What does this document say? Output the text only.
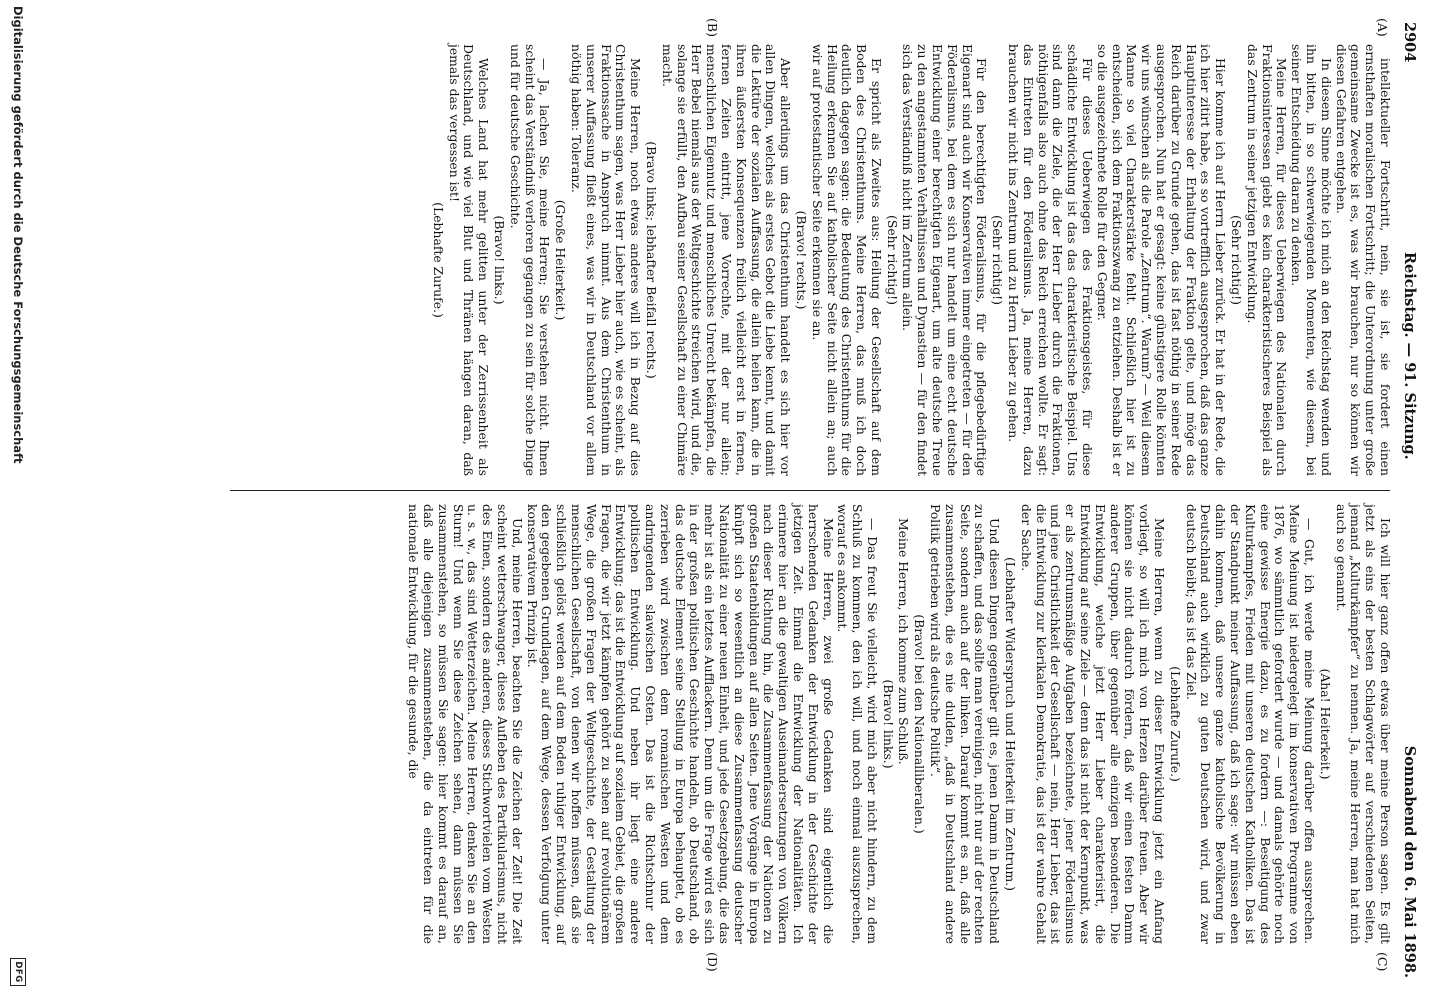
2904
Reichstag. — 91. Sitzung.
Sonnabend den 6. Mai 1898.
(A)
(B)
(C)
(D)

intellektueller Fortschritt, nein, sie ist, sie fordert einen ernsthaften moralischen Fortschritt; die Unterordnung unter große gemeinsame Zwecke ist es, was wir brauchen, nur so können wir diesen Gefahren entgehen.

In diesem Sinne möchte ich mich an den Reichstag wenden und ihn bitten, in so schwerwiegenden Momenten, wie diesem, bei seiner Entscheidung daran zu denken.

Meine Herren, für dieses Ueberwiegen des Nationalen durch Fraktionsinteressen giebt es kein charakteristischeres Beispiel als das Zentrum in seiner jetzigen Entwicklung.

(Sehr richtig!)

Hier komme ich auf Herrn Lieber zurück. Er hat in der Rede, die ich hier zitirt habe, es so vortrefflich ausgesprochen, daß das ganze Hauptinteresse der Erhaltung der Fraktion gelte, und möge das Reich darüber zu Grunde gehen, das ist fast nöthig in seiner Rede ausgesprochen. Nun hat er gesagt: keine günstigere Rolle könnten wir uns wünschen als die Parole „Zentrum“. Warum? — Weil diesem Manne so viel Charakterstärke fehlt. Schließlich hier ist zu entscheiden, sich dem Fraktionszwang zu entziehen. Deshalb ist er so die ausgezeichnete Rolle für den Gegner.

Für dieses Ueberwiegen des Fraktionsgeistes, für diese schädliche Entwicklung ist das das charakteristische Beispiel. Uns sind dann die Ziele, die der Herr Lieber durch die Fraktionen, nöthigenfalls also auch ohne das Reich erreichen wollte. Er sagt: das Eintreten für den Föderalismus. Ja, meine Herren, dazu brauchen wir nicht ins Zentrum und zu Herrn Lieber zu gehen.

(Sehr richtig!)

Für den berechtigten Föderalismus, für die pflegebedürftige Eigenart sind auch wir Konservativen immer eingetreten — für den Föderalismus, bei dem es sich nur handelt um eine echt deutsche Entwicklung einer berechtigten Eigenart, um alte deutsche Treue zu den angestammten Verhältnissen und Dynastien — für den findet sich das Verständniß nicht im Zentrum allein.

(Sehr richtig!)

Er spricht als Zweites aus: Heilung der Gesellschaft auf dem Boden des Christenthums. Meine Herren, das muß ich doch deutlich dagegen sagen: die Bedeutung des Christenthums für die Heilung erkennen Sie auf katholischer Seite nicht allein an; auch wir auf protestantischer Seite erkennen sie an.

(Bravo! rechts.)

Aber allerdings um das Christenthum handelt es sich hier vor allen Dingen, welches als erstes Gebot die Liebe kennt, und damit die Lektüre der sozialen Auffassung, die allein heilen kann, die in ihren äußersten Konsequenzen freilich vielleicht erst in fernen, fernen Zeiten eintritt, jene Vorrechte, mit der nur allein; menschlichen Eigennutz und menschliches Unrecht bekämpfen, die Herr Bebel niemals aus der Weltgeschichte streichen wird, und die, solange sie erfüllt, den Aufbau seiner Gesellschaft zu einer Chimäre macht.

(Bravo links; lebhafter Beifall rechts.)

Meine Herren, noch etwas anderes will ich in Bezug auf dies Christenthum sagen, was Herr Lieber hier auch, wie es scheint, als Fraktionssache in Anspruch nimmt. Aus dem Christenthum in unserer Auffassung fließt eines, was wir in Deutschland vor allem nöthig haben: Toleranz.

(Große Heiterkeit.)

— Ja, lachen Sie, meine Herren; Sie verstehen nicht. Ihnen scheint das Verständniß verloren gegangen zu sein für solche Dinge und für deutsche Geschichte.

(Bravo! links.)

Welches Land hat mehr gelitten unter der Zerrissenheit als Deutschland, und wie viel Blut und Thränen hängen daran, daß jemals das vergessen ist!

(Lebhafte Zurufe.)

Ich will hier ganz offen etwas über meine Person sagen. Es gilt jetzt als eins der besten Schlagwörter auf verschiedenen Seiten, jemand „Kulturkämpfer“ zu nennen. Ja, meine Herren, man hat mich auch so genannt.

(Aha! Heiterkeit.)

— Gut, ich werde meine Meinung darüber offen aussprechen. Meine Meinung ist niedergelegt im konservativen Programme von 1876, wo sämmtlich gefordert wurde — und damals gehörte noch eine gewisse Energie dazu, es zu fordern —: Beseitigung des Kulturkampfes, Frieden mit unseren deutschen Katholiken. Das ist der Standpunkt meiner Auffassung, daß ich sage: wir müssen eben dahin kommen, daß unsere ganze katholische Bevölkerung in Deutschland auch wirklich zu guten Deutschen wird, und zwar deutsch bleibt; das ist das Ziel.

(Lebhafte Zurufe.)

Meine Herren, wenn zu dieser Entwicklung jetzt ein Anfang vorliegt, so will ich mich von Herzen darüber freuen. Aber wir können sie nicht dadurch fördern, daß wir einen festen Damm anderer Gruppen, über gegenüber alle einzigen besonderen. Die Entwicklung, welche jetzt Herr Lieber charakterisirt, die Entwicklung auf seine Ziele — denn das ist nicht der Kernpunkt, was er als zentrumsmäßige Aufgaben bezeichnete, jener Föderalismus und jene Christlichkeit der Gesellschaft — nein, Herr Lieber, das ist die Entwicklung zur klerikalen Demokratie, das ist der wahre Gehalt der Sache.

(Lebhafter Widerspruch und Heiterkeit im Zentrum.)

Und diesen Dingen gegenüber gilt es, jenen Damm in Deutschland zu schaffen, und das sollte man vereinigen, nicht nur auf der rechten Seite, sondern auch auf der linken. Darauf kommt es an, daß alle zusammenstehen, die es nie dulden, „daß in Deutschland andere Politik getrieben wird als deutsche Politik“.

(Bravo! bei den Nationalliberalen.)

Meine Herren, ich komme zum Schluß.

(Bravo! links.)

— Das freut Sie vielleicht, wird mich aber nicht hindern, zu dem Schluß zu kommen, den ich will, und noch einmal auszusprechen, worauf es ankommt.

Meine Herren, zwei große Gedanken sind eigentlich die herrschenden Gedanken der Entwicklung in der Geschichte der jetzigen Zeit. Einmal die Entwicklung der Nationalitäten. Ich erinnere hier an die gewaltigen Auseinandersetzungen von Völkern nach dieser Richtung hin, die Zusammenfassung der Nationen zu großen Staatenbildungen auf allen Seiten. Jene Vorgänge in Europa knüpft sich so wesentlich an diese Zusammenfassung deutscher Nationalität zu einer neuen Einheit, und jede Gesetzgebung, die das mehr ist als ein letztes Aufflackern. Denn um die Frage wird es sich in der großen politischen Geschichte handeln, ob Deutschland, ob das deutsche Element seine Stellung in Europa behauptet, ob es zerrieben wird zwischen dem romanischen Westen und dem andringenden slawischen Osten. Das ist die Richtschnur der politischen Entwicklung. Und neben ihr liegt eine andere Entwicklung; das ist die Entwicklung auf sozialem Gebiet, die großen Fragen, die wir jetzt kämpfen gehört zu sehen auf revolutionärem Wege, die großen Fragen der Weltgeschichte, der Gestaltung der menschlichen Gesellschaft, von denen wir hoffen müssen, daß sie schließlich gelöst werden auf dem Boden ruhiger Entwicklung, auf den gegebenen Grundlagen, auf dem Wege, dessen Verfolgung unter konservativem Prinzip ist.

Und, meine Herren, beachten Sie die Zeichen der Zeit! Die Zeit scheint wetterschwanger, dieses Aufleben des Partikularismus, nicht des Einen, sondern des anderen, dieses Stichwortvielen vom Westen u. s. w., das sind Wetterzeichen. Meine Herren, denken Sie an den Sturm! Und wenn Sie diese Zeichen sehen, dann müssen Sie zusammenstehen, so müssen Sie sagen: hier kommt es darauf an, daß alle diejenigen zusammenstehen, die da eintreten für die nationale Entwicklung, für die gesunde, die

Digitalisierung gefördert durch die Deutsche Forschungsgemeinschaft
DFG
